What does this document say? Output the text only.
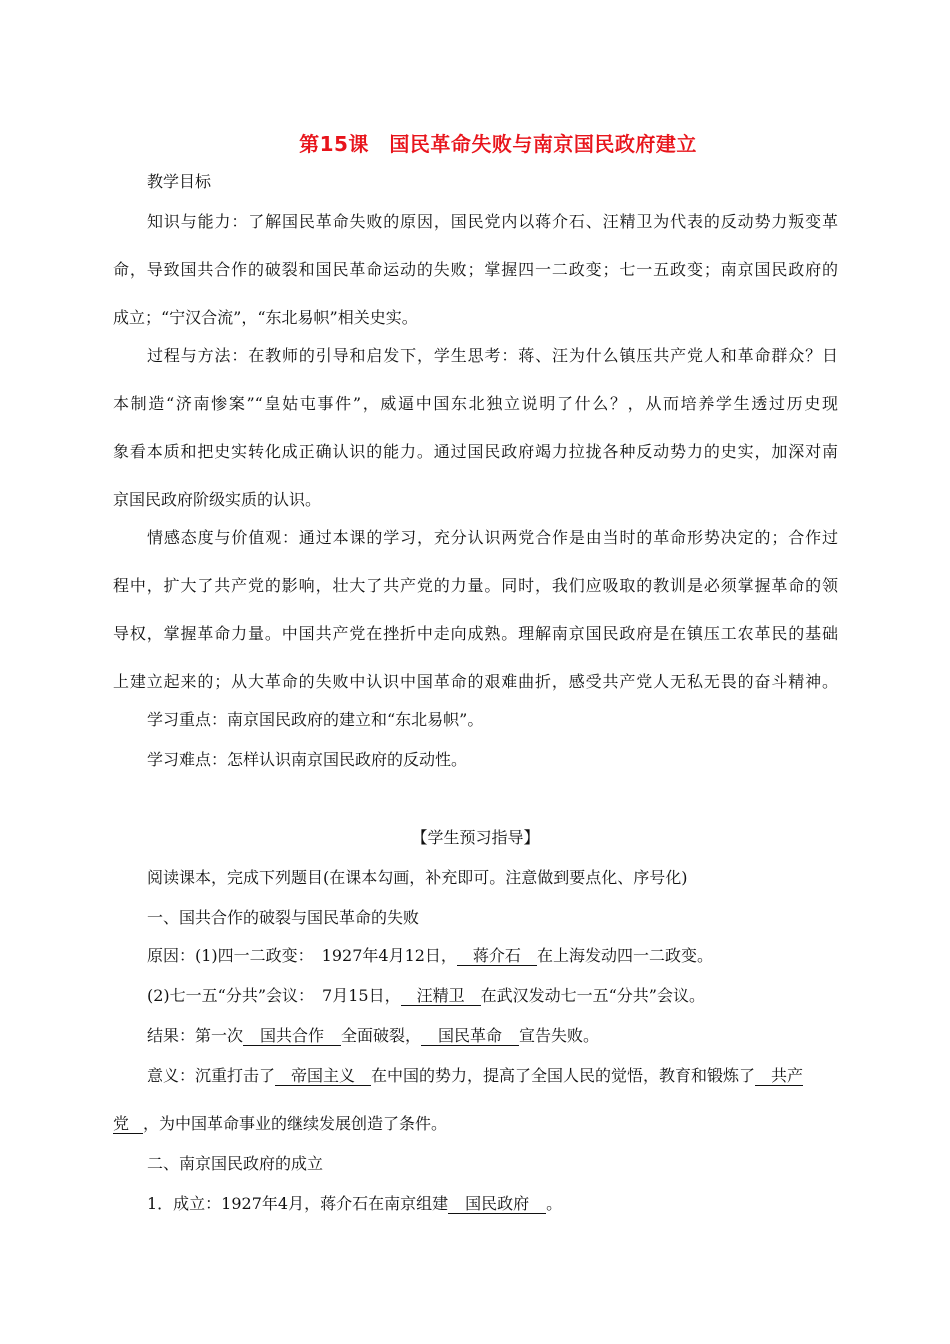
第15课　国民革命失败与南京国民政府建立
教学目标
知识与能力：了解国民革命失败的原因，国民党内以蒋介石、汪精卫为代表的反动势力叛变革
命，导致国共合作的破裂和国民革命运动的失败；掌握四一二政变；七一五政变；南京国民政府的
成立；“宁汉合流”，“东北易帜”相关史实。
过程与方法：在教师的引导和启发下，学生思考：蒋、汪为什么镇压共产党人和革命群众？日
本制造“济南惨案”“皇姑屯事件”，威逼中国东北独立说明了什么？，从而培养学生透过历史现
象看本质和把史实转化成正确认识的能力。通过国民政府竭力拉拢各种反动势力的史实，加深对南
京国民政府阶级实质的认识。
情感态度与价值观：通过本课的学习，充分认识两党合作是由当时的革命形势决定的；合作过
程中，扩大了共产党的影响，壮大了共产党的力量。同时，我们应吸取的教训是必须掌握革命的领
导权，掌握革命力量。中国共产党在挫折中走向成熟。理解南京国民政府是在镇压工农革民的基础
上建立起来的；从大革命的失败中认识中国革命的艰难曲折，感受共产党人无私无畏的奋斗精神。
学习重点：南京国民政府的建立和“东北易帜”。
学习难点：怎样认识南京国民政府的反动性。
【学生预习指导】
阅读课本，完成下列题目(在课本勾画，补充即可。注意做到要点化、序号化)
一、国共合作的破裂与国民革命的失败
原因：(1)四一二政变：　1927年4月12日， 蒋介石 在上海发动四一二政变。
(2)七一五“分共”会议：　7月15日， 汪精卫 在武汉发动七一五“分共”会议。
结果：第一次 国共合作 全面破裂， 国民革命 宣告失败。
意义：沉重打击了 帝国主义 在中国的势力，提高了全国人民的觉悟，教育和锻炼了 共产
党 ，为中国革命事业的继续发展创造了条件。
二、南京国民政府的成立
1．成立：1927年4月，蒋介石在南京组建 国民政府 。
